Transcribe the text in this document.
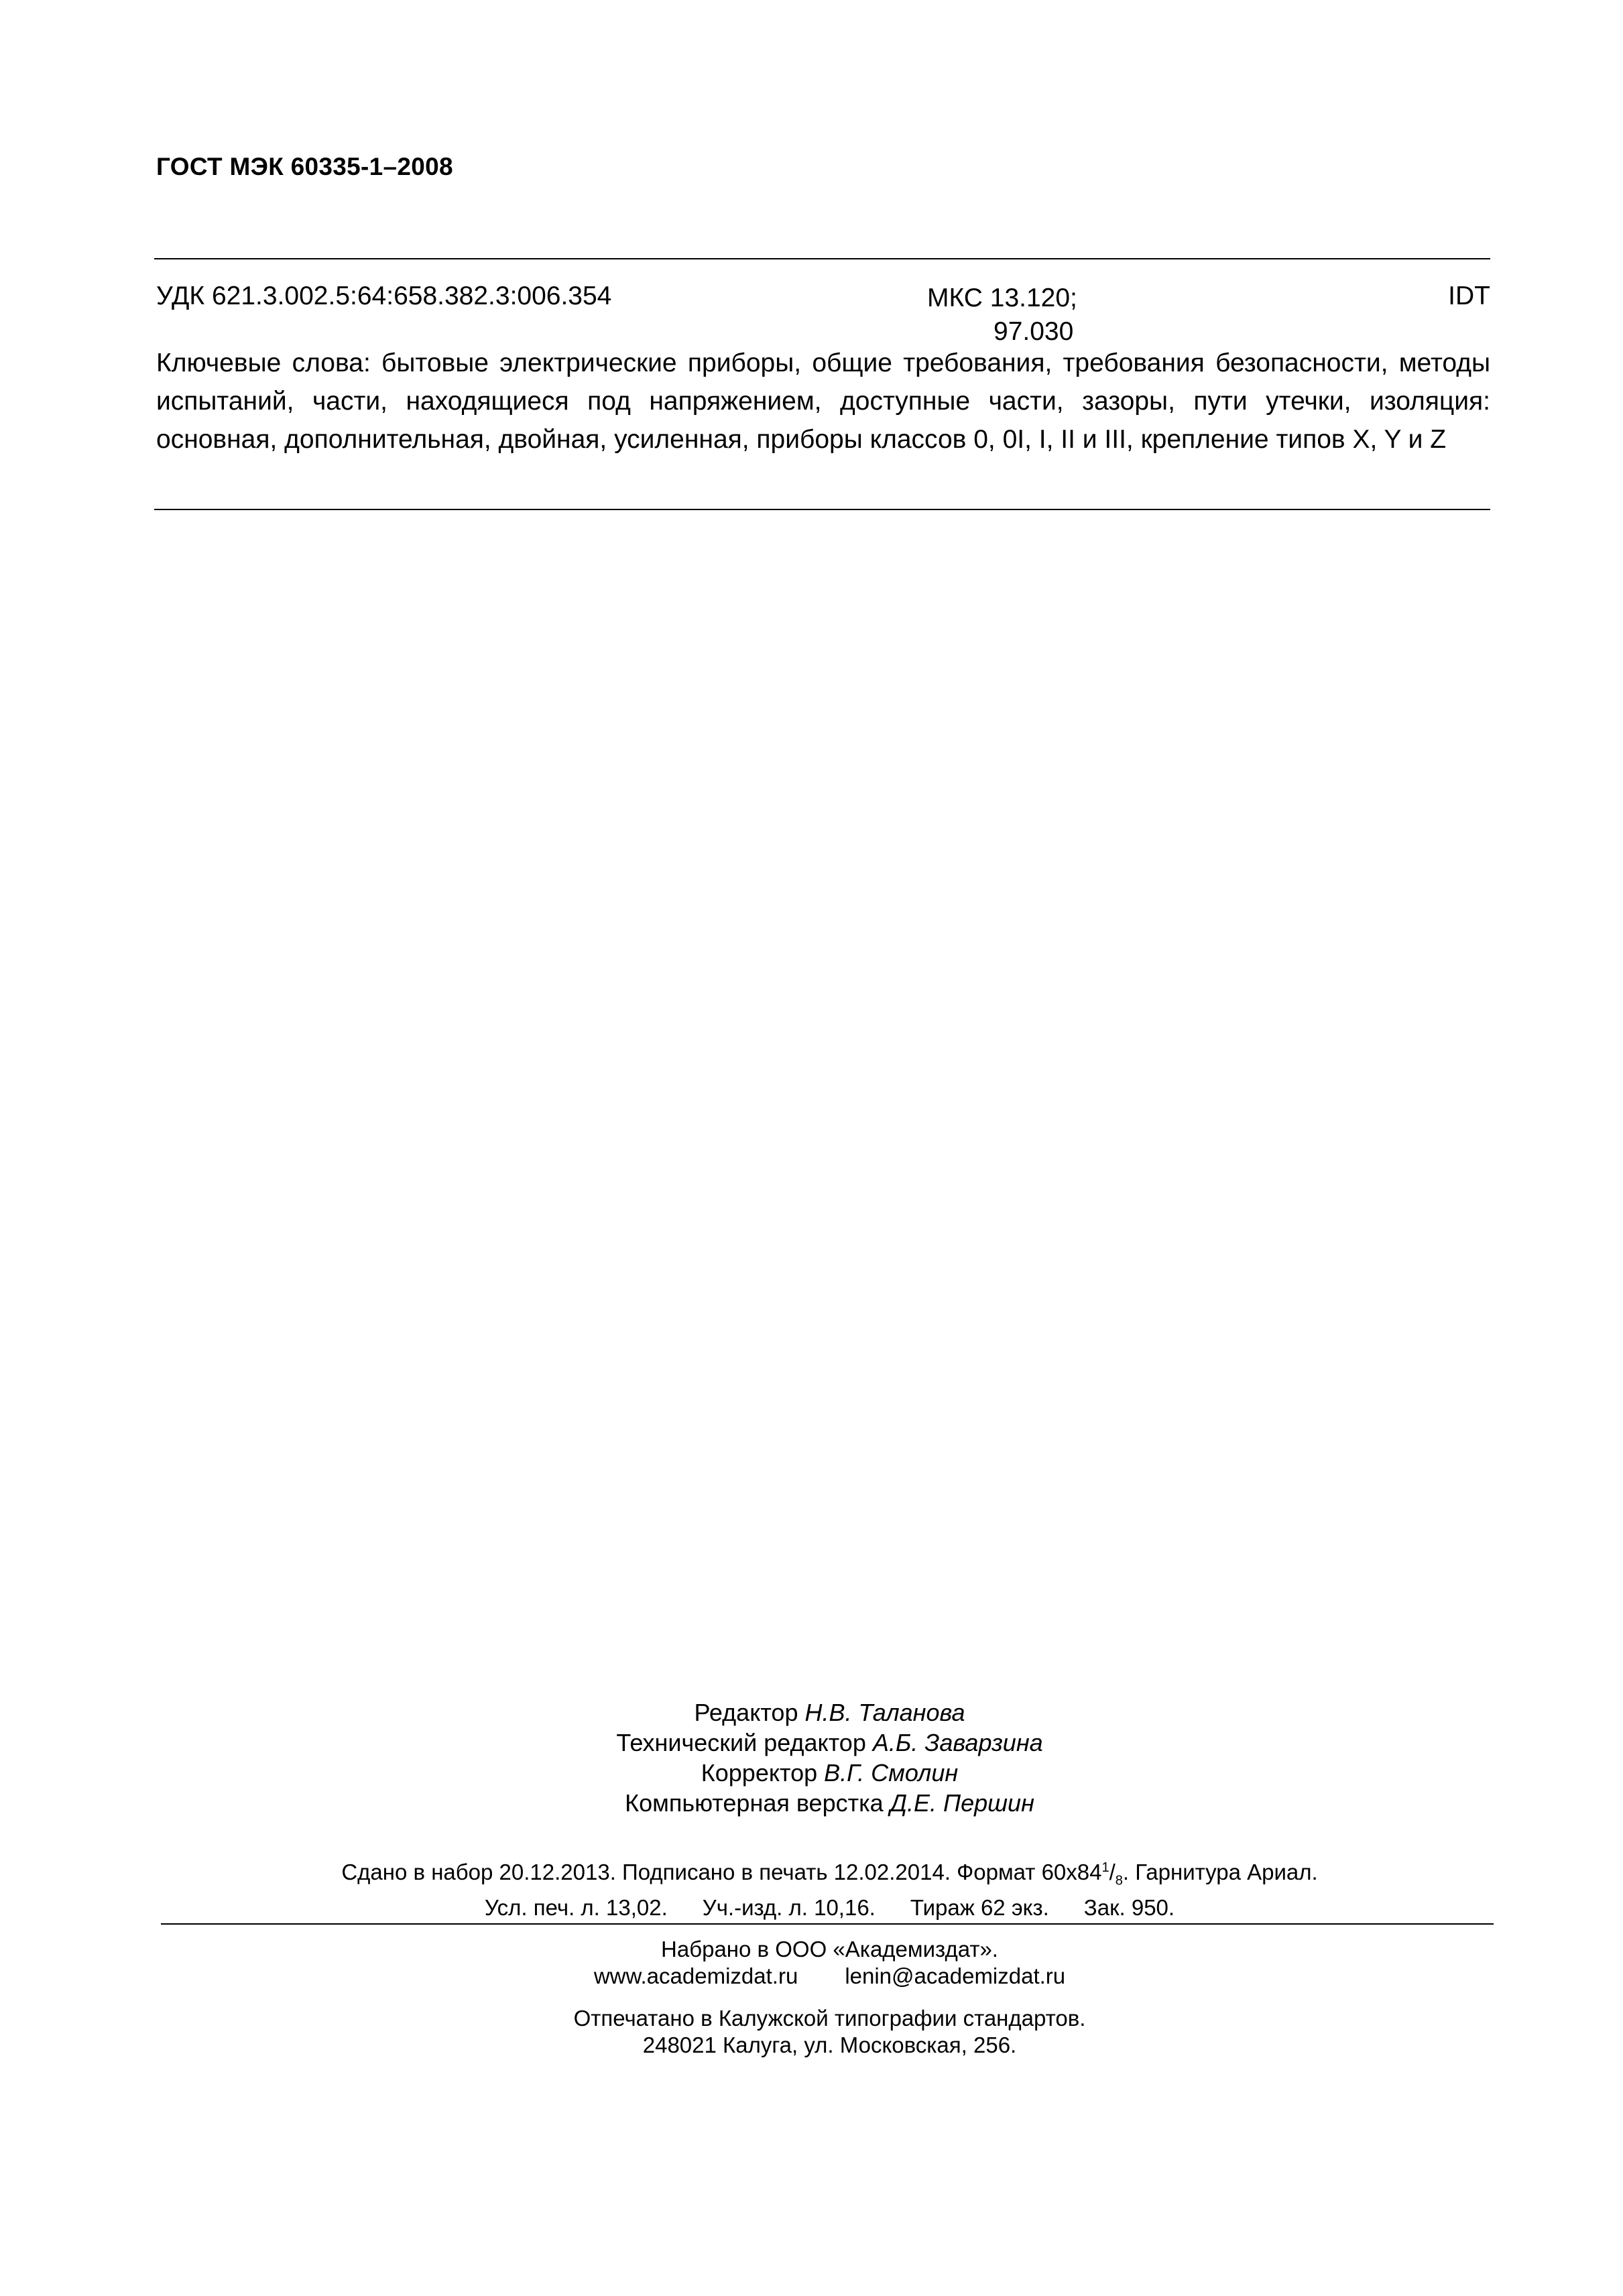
ГОСТ МЭК 60335-1–2008
УДК 621.3.002.5:64:658.382.3:006.354	МКС 13.120;
97.030
IDT
Ключевые слова: бытовые электрические приборы, общие требования, требования безопасности, методы испытаний, части, находящиеся под напряжением, доступные части, зазоры, пути утечки, изоляция: основная, дополнительная, двойная, усиленная, приборы классов 0, 0I, I, II и III, крепление типов X, Y и Z
Редактор Н.В. Таланова
Технический редактор А.Б. Заварзина
Корректор В.Г. Смолин
Компьютерная верстка Д.Е. Першин
Сдано в набор 20.12.2013. Подписано в печать 12.02.2014. Формат $60x84^1/_8$. Гарнитура Ариал.
Усл. печ. л. 13,02. Уч.-изд. л. 10,16. Тираж 62 экз. Зак. 950.
Набрано в ООО «Академиздат».
www.academizdat.ru lenin@academizdat.ru
Отпечатано в Калужской типографии стандартов.
248021 Калуга, ул. Московская, 256.
